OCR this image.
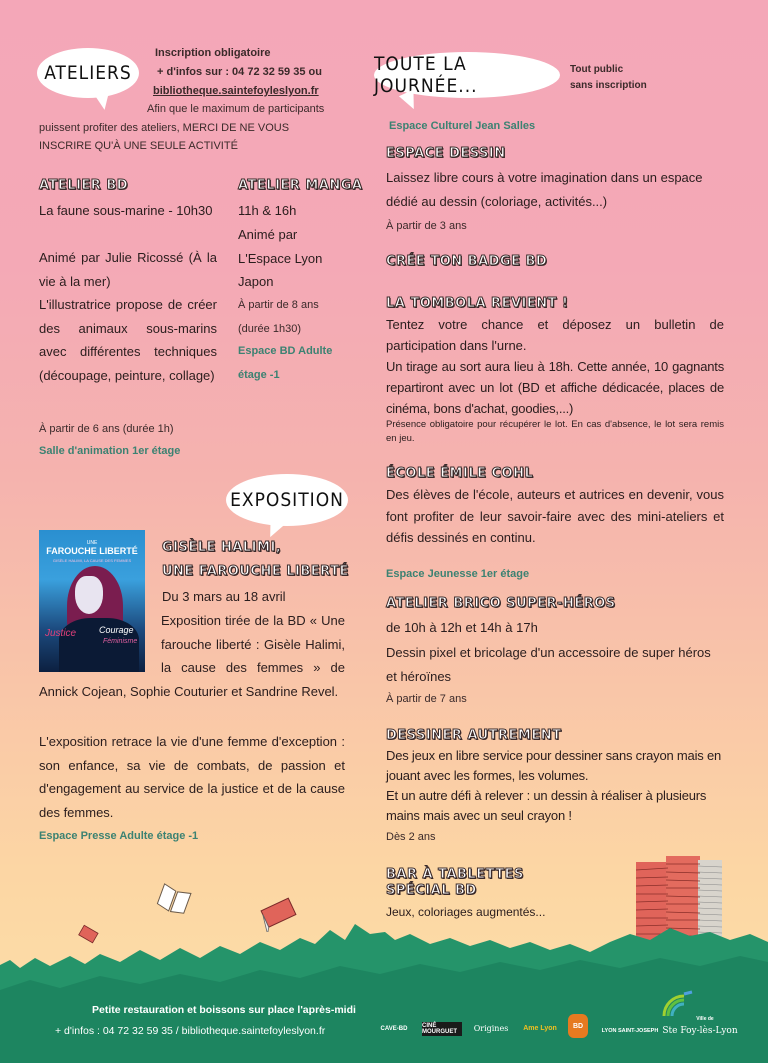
ATELIERS
Inscription obligatoire
+ d'infos sur : 04 72 32 59 35 ou
bibliotheque.saintefoyleslyon.fr
Afin que le maximum de participants
puissent profiter des ateliers, MERCI DE NE VOUS
INSCRIRE QU'À UNE SEULE ACTIVITÉ
ATELIER BD
La faune sous-marine - 10h30
Animé par Julie Ricossé (À la vie à la mer)
L'illustratrice propose de créer des animaux sous-marins avec différentes techniques (découpage, peinture, collage)
À partir de 6 ans (durée 1h)
Salle d'animation 1er étage
ATELIER MANGA
11h & 16h
Animé par L'Espace Lyon Japon
À partir de 8 ans (durée 1h30)
Espace BD Adulte étage -1
EXPOSITION
UNE
FAROUCHE LIBERTÉ
GISÈLE HALIMI, LA CAUSE DES FEMMES
Justice	Courage
Féminisme
GISÈLE HALIMI,
UNE FAROUCHE LIBERTÉ
Du 3 mars au 18 avril

Exposition tirée de la BD « Une farouche liberté : Gisèle Halimi, la cause des femmes » de Annick Cojean, Sophie Couturier et Sandrine Revel.

L'exposition retrace la vie d'une femme d'exception : son enfance, sa vie de combats, de passion et d'engagement au service de la justice et de la cause des femmes.
Espace Presse Adulte étage -1
TOUTE LA JOURNÉE...
Tout public
sans inscription
Espace Culturel Jean Salles
ESPACE DESSIN
Laissez libre cours à votre imagination dans un espace dédié au dessin (coloriage, activités...)
À partir de 3 ans
CRÉE TON BADGE BD
LA TOMBOLA REVIENT !
Tentez votre chance et déposez un bulletin de participation dans l'urne.
Un tirage au sort aura lieu à 18h. Cette année, 10 gagnants repartiront avec un lot (BD et affiche dédicacée, places de cinéma, bons d'achat, goodies,...)
Présence obligatoire pour récupérer le lot. En cas d'absence, le lot sera remis en jeu.
ÉCOLE ÉMILE COHL
Des élèves de l'école, auteurs et autrices en devenir, vous font profiter de leur savoir-faire avec des mini-ateliers et défis dessinés en continu.
Espace Jeunesse 1er étage
ATELIER BRICO SUPER-HÉROS
de 10h à 12h et 14h à 17h
Dessin pixel et bricolage d'un accessoire de super héros et héroïnes
À partir de 7 ans
DESSINER AUTREMENT
Des jeux en libre service pour dessiner sans crayon mais en jouant avec les formes, les volumes.
Et un autre défi à relever : un dessin à réaliser à plusieurs mains mais avec un seul crayon !
Dès 2 ans
BAR À TABLETTES
SPÉCIAL BD
Jeux, coloriages augmentés...
Petite restauration et boissons sur place l'après-midi
+ d'infos : 04 72 32 59 35 / bibliotheque.saintefoyleslyon.fr	CAVE-BD	CINÉ MOURGUET	Origines	Ame Lyon	BD
LYON SAINT-JOSEPH
Ville de
Ste Foy-lès-Lyon
